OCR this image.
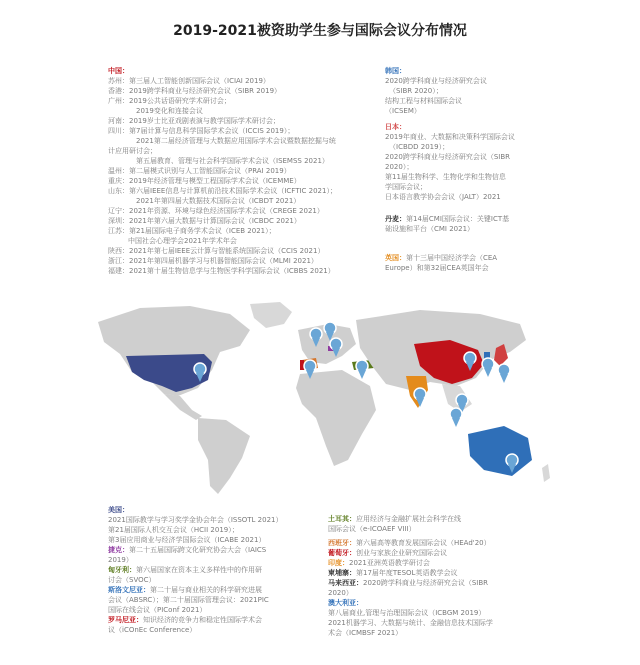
2019-2021被资助学生参与国际会议分布情况
中国：
苏州：第三届人工智能创新国际会议（ICIAI 2019）
香港：2019跨学科商业与经济研究会议（SIBR 2019）
广州：2019公共话语研究学术研讨会；
2019变化和连接会议
河南：2019岁士比亚戏剧表演与教学国际学术研讨会；
四川：第7届计算与信息科学国际学术会议（ICCIS 2019）；
2021第二届经济管理与大数据应用国际学术会议暨数据挖掘与统
计应用研讨会；
第五届教育、管理与社会科学国际学术会议（ISEMSS 2021）
温州：第二届模式识别与人工智能国际会议（PRAI 2019）
重庆：2019年经济管理与模型工程国际学术会议（ICEMME）
山东：第六届IEEE信息与计算机前沿技术国际学术会议（ICFTIC 2021）；
2021年第四届大数据技术国际会议（ICBDT 2021）
辽宁：2021年资源、环境与绿色经济国际学术会议（CREGE 2021）
深圳：2021年第六届大数据与计算国际会议（ICBDC 2021）
江苏：第21届国际电子商务学术会议（ICEB 2021）；
中国社会心理学会2021年学术年会
陕西：2021年第七届IEEE云计算与智能系统国际会议（CCIS 2021）
浙江：2021年第四届机器学习与机器智能国际会议（MLMI 2021）
福建：2021第十届生物信息学与生物医学科学国际会议（ICBBS 2021）
韩国：
2020跨学科商业与经济研究会议
（SIBR 2020）；
结构工程与材料国际会议
（ICSEM）
日本：
2019年商业、大数据和决策科学国际会议
（ICBDD 2019）；
2020跨学科商业与经济研究会议（SIBR
2020）；
第11届生物科学、生物化学和生物信息
学国际会议；
日本语言教学协会会议（JALT）2021
丹麦：第14届CMI国际会议：关键ICT基
础设施和平台（CMI 2021）
英国：第十三届中国经济学会（CEA
Europe）和第32届CEA英国年会
美国：
2021国际教学与学习奖学金协会年会（ISSOTL 2021）
第21届国际人机交互会议（HCII 2019）；
第3届应用商业与经济学国际会议（ICABE 2021）
捷克：第二十五届国际跨文化研究协会大会（IAICS
2019）
匈牙利：第六届国家在资本主义多样性中的作用研
讨会（SVOC）
斯洛文尼亚：第二十届与商业相关的科学研究进展
会议（ABSRC）；第二十届国际管理会议：2021PIC
国际在线会议（PIConf 2021）
罗马尼亚：知识经济的竞争力和稳定性国际学术会
议（iCOnEc Conference）
土耳其：应用经济与金融扩展社会科学在线
国际会议（e-ICOAEF VIII）
西班牙：第六届高等教育发展国际会议（HEAd'20）
葡萄牙：创业与家族企业研究国际会议
印度：2021亚洲英语教学研讨会
柬埔寨：第17届年度TESOL英语教学会议
马来西亚：2020跨学科商业与经济研究会议（SIBR
2020）
澳大利亚：
第八届商业,管理与治理国际会议（ICBGM 2019）
2021机器学习、大数据与统计、金融信息技术国际学
术会（ICMBSF 2021）
